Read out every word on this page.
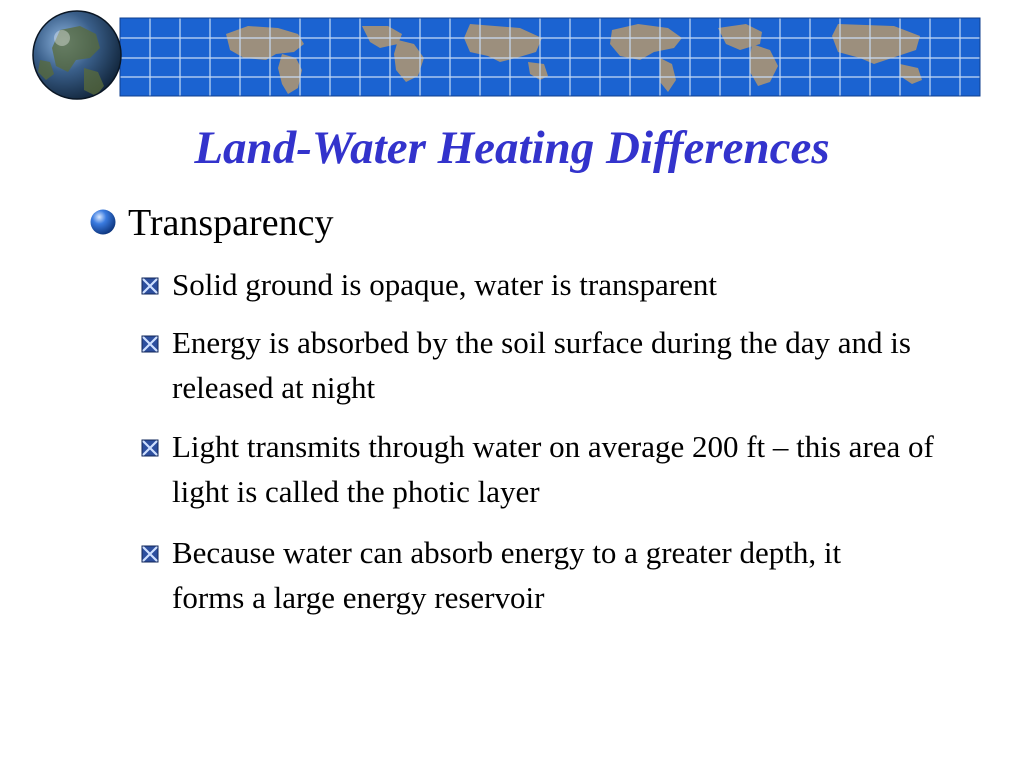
Land-Water Heating Differences
Transparency
Solid ground is opaque, water is transparent
Energy is absorbed by the soil surface during the day and is released at night
Light transmits through water on average 200 ft – this area of light is called the photic layer
Because water can absorb energy to a greater depth, it forms a large energy reservoir
